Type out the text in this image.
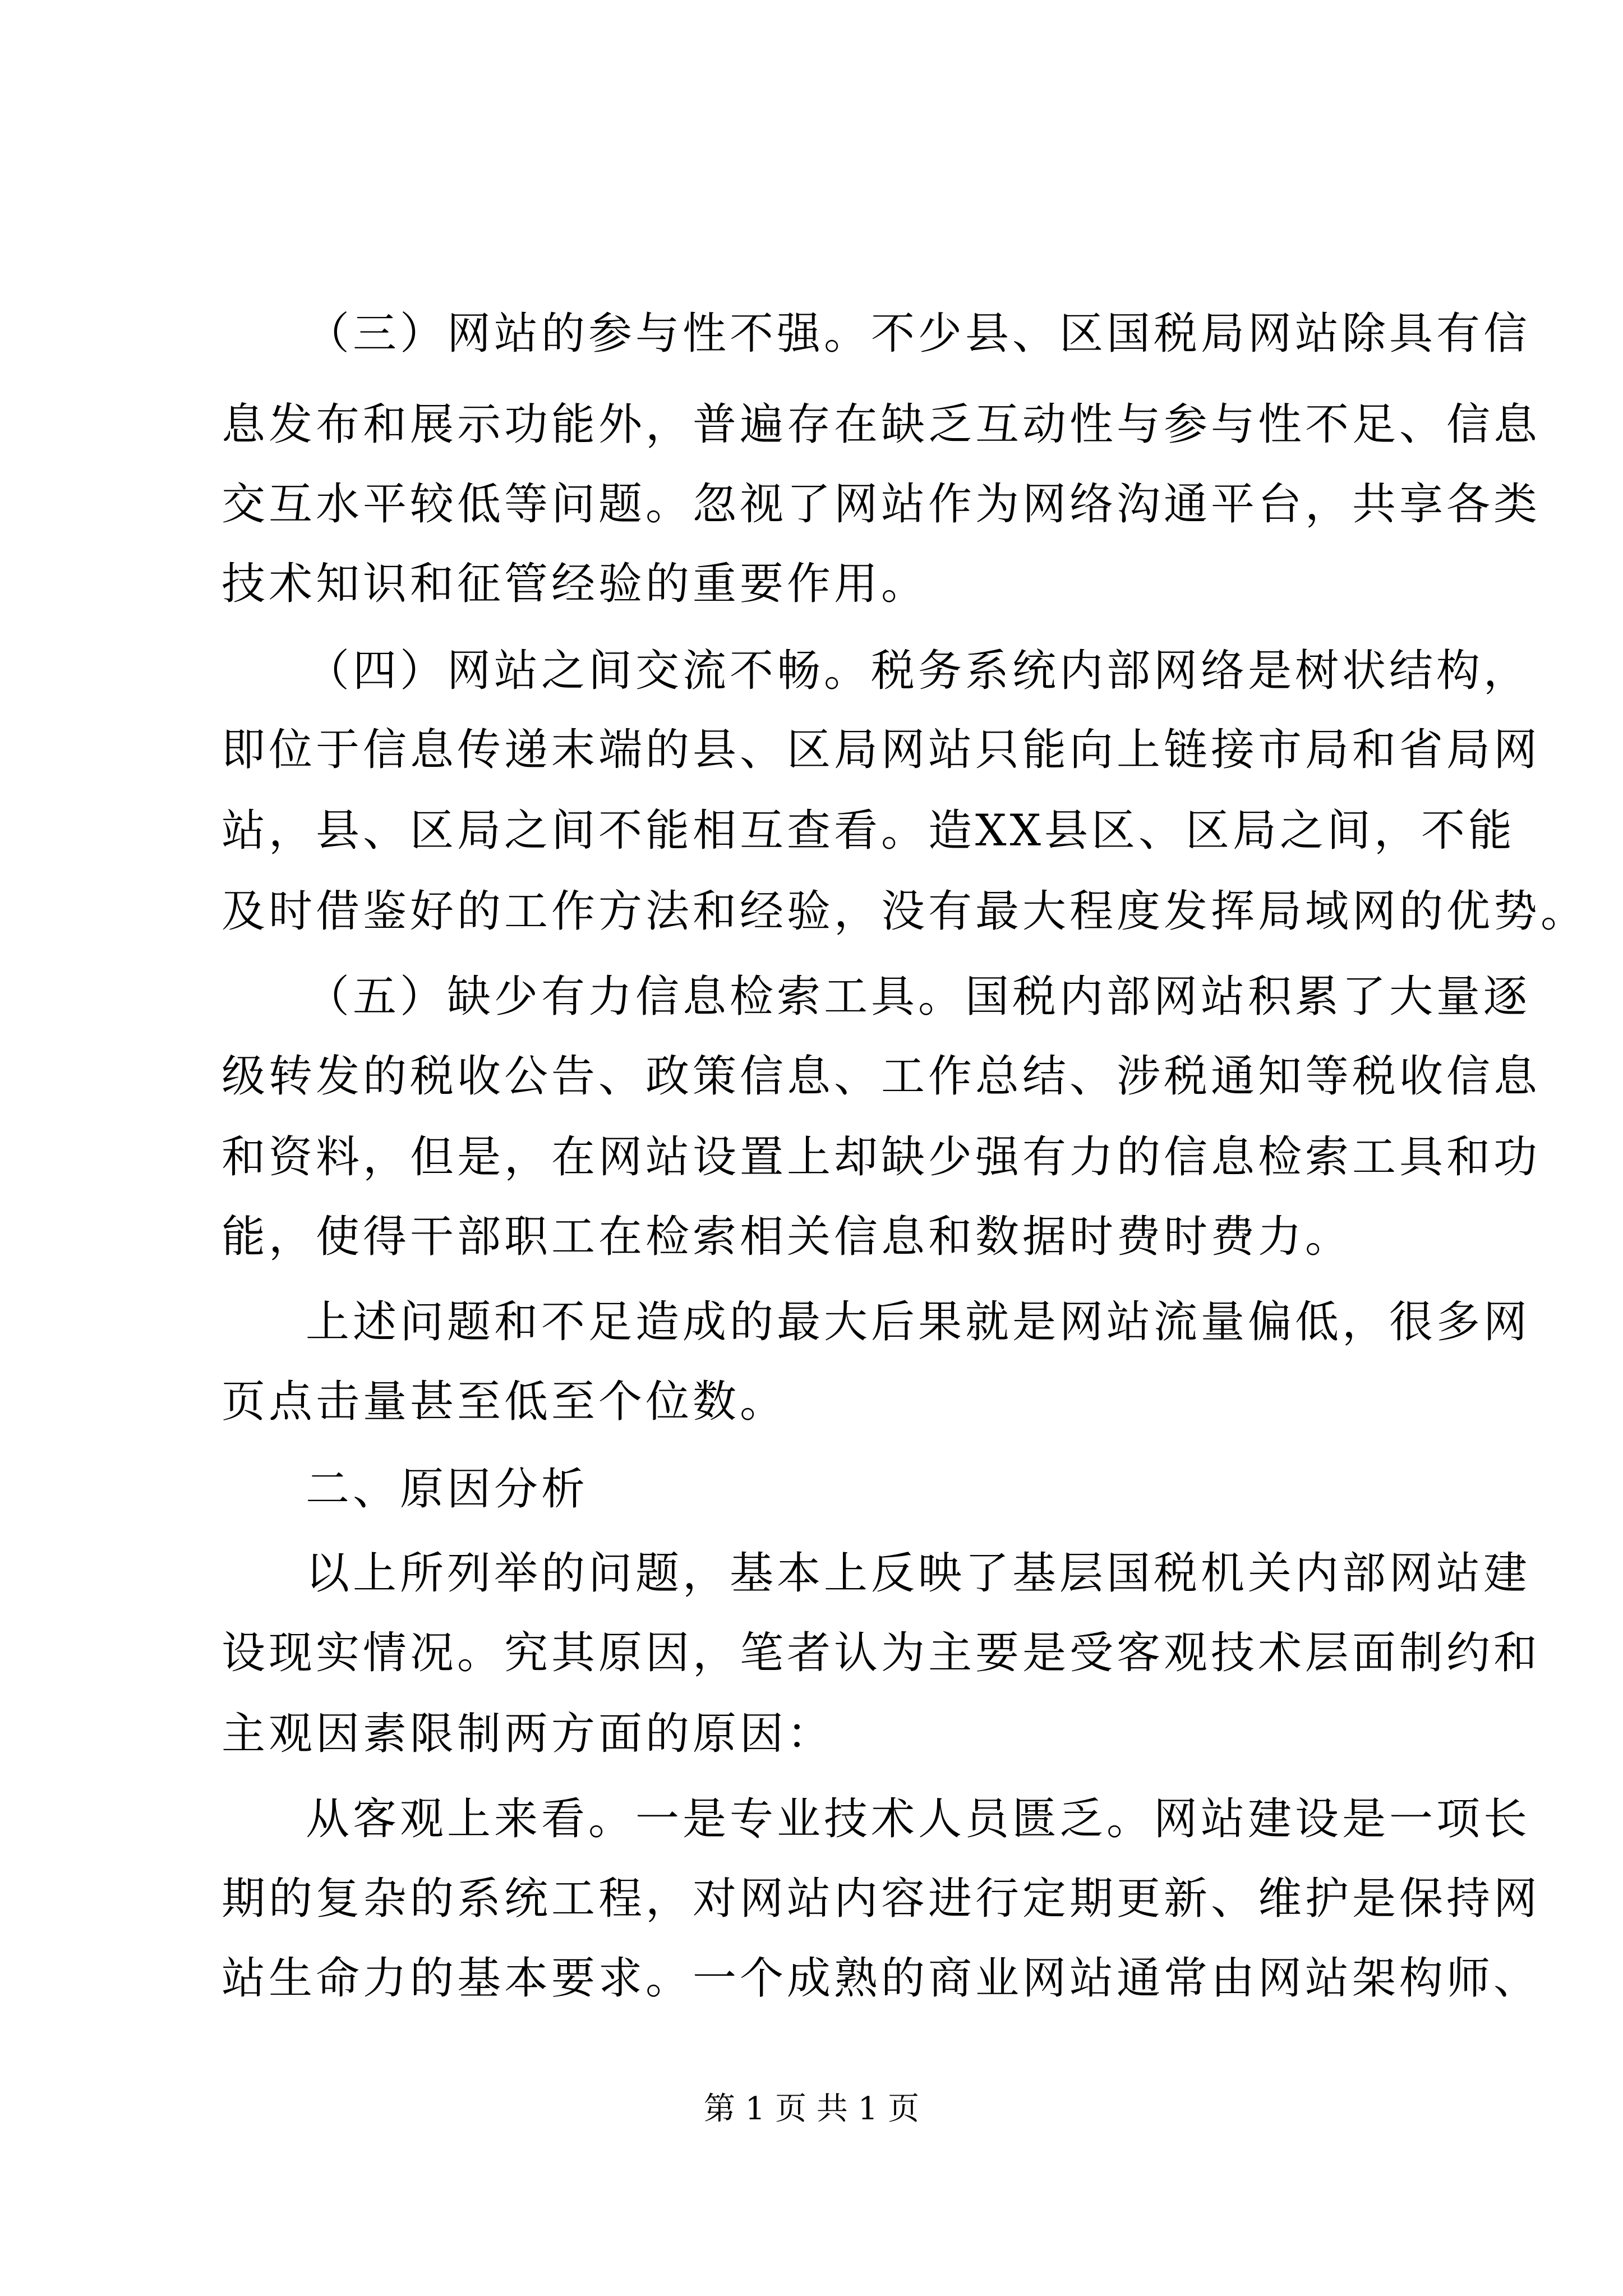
（三）网站的参与性不强。不少县、区国税局网站除具有信
息发布和展示功能外，普遍存在缺乏互动性与参与性不足、信息
交互水平较低等问题。忽视了网站作为网络沟通平台，共享各类
技术知识和征管经验的重要作用。
（四）网站之间交流不畅。税务系统内部网络是树状结构，
即位于信息传递末端的县、区局网站只能向上链接市局和省局网
站，县、区局之间不能相互查看。造XX县区、区局之间，不能
及时借鉴好的工作方法和经验，没有最大程度发挥局域网的优势。
（五）缺少有力信息检索工具。国税内部网站积累了大量逐
级转发的税收公告、政策信息、工作总结、涉税通知等税收信息
和资料，但是，在网站设置上却缺少强有力的信息检索工具和功
能，使得干部职工在检索相关信息和数据时费时费力。
上述问题和不足造成的最大后果就是网站流量偏低，很多网
页点击量甚至低至个位数。
二、原因分析
以上所列举的问题，基本上反映了基层国税机关内部网站建
设现实情况。究其原因，笔者认为主要是受客观技术层面制约和
主观因素限制两方面的原因：
从客观上来看。一是专业技术人员匮乏。网站建设是一项长
期的复杂的系统工程，对网站内容进行定期更新、维护是保持网
站生命力的基本要求。一个成熟的商业网站通常由网站架构师、
第 1 页 共 1 页
